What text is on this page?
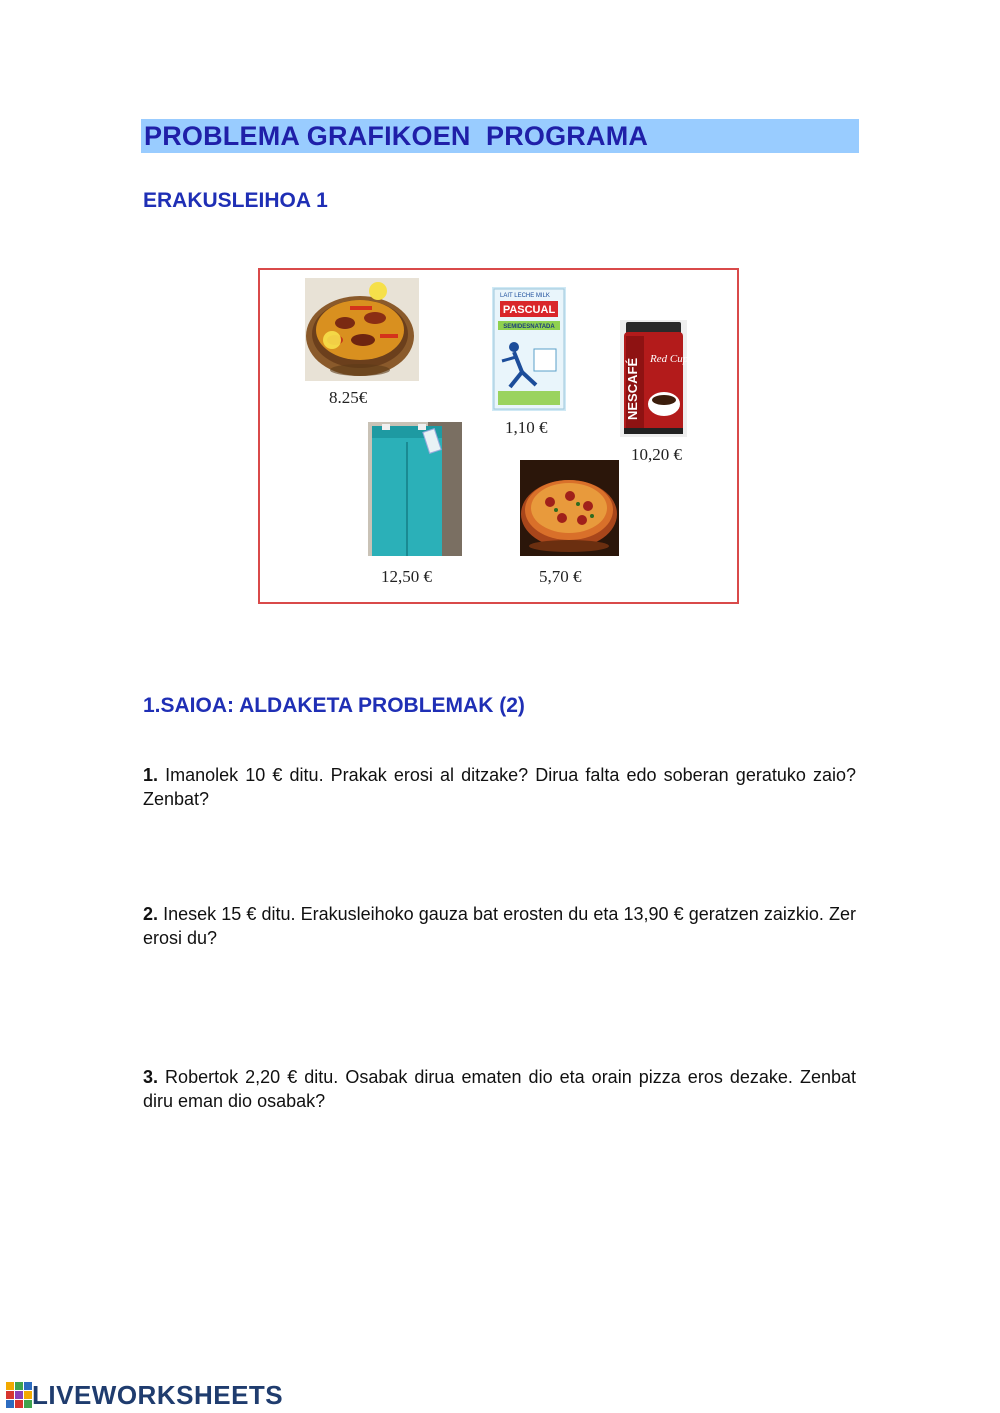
PROBLEMA GRAFIKOEN  PROGRAMA
ERAKUSLEIHOA 1
8.25€
LAIT LECHE MILK
PASCUAL
SEMIDESNATADA
1,10 €
NESCAFÉ Red Cup
10,20 €
12,50 €	5,70 €
1.SAIOA: ALDAKETA PROBLEMAK (2)
1. Imanolek 10 € ditu. Prakak erosi al ditzake? Dirua falta edo soberan geratuko zaio? Zenbat?
2. Inesek 15 € ditu. Erakusleihoko gauza bat erosten du eta 13,90 € geratzen zaizkio. Zer erosi du?
3. Robertok 2,20 € ditu. Osabak dirua ematen dio eta orain pizza eros dezake. Zenbat diru eman dio osabak?
LIVEWORKSHEETS
